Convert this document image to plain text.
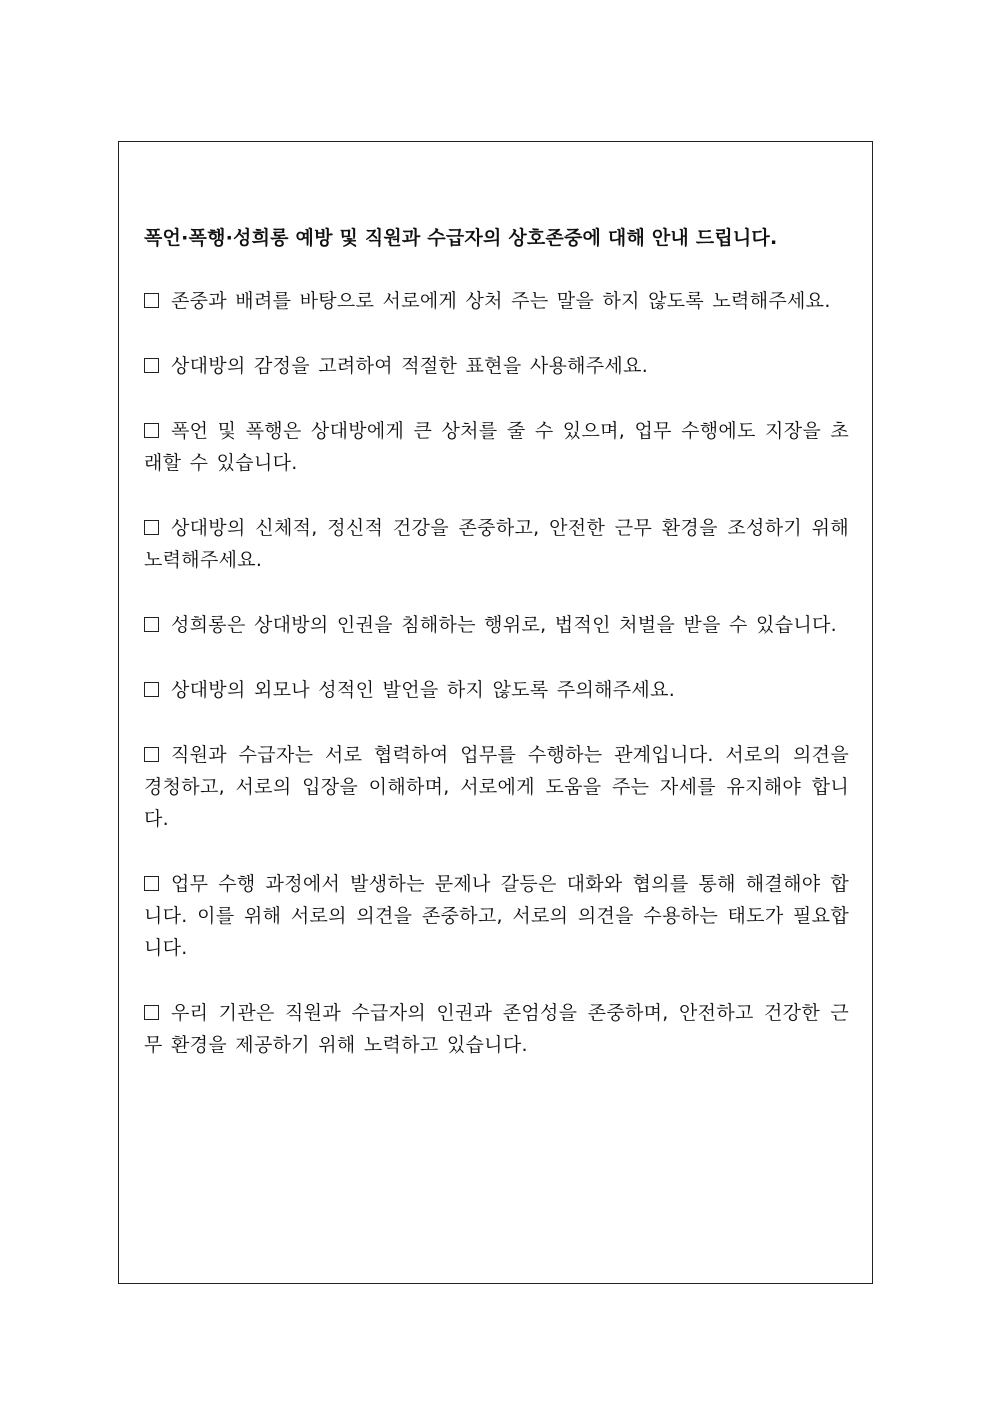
폭언·폭행·성희롱 예방 및 직원과 수급자의 상호존중에 대해 안내 드립니다.

존중과 배려를 바탕으로 서로에게 상처 주는 말을 하지 않도록 노력해주세요.

상대방의 감정을 고려하여 적절한 표현을 사용해주세요.

폭언 및 폭행은 상대방에게 큰 상처를 줄 수 있으며, 업무 수행에도 지장을 초래할 수 있습니다.

상대방의 신체적, 정신적 건강을 존중하고, 안전한 근무 환경을 조성하기 위해 노력해주세요.

성희롱은 상대방의 인권을 침해하는 행위로, 법적인 처벌을 받을 수 있습니다.

상대방의 외모나 성적인 발언을 하지 않도록 주의해주세요.

직원과 수급자는 서로 협력하여 업무를 수행하는 관계입니다. 서로의 의견을 경청하고, 서로의 입장을 이해하며, 서로에게 도움을 주는 자세를 유지해야 합니다.

업무 수행 과정에서 발생하는 문제나 갈등은 대화와 협의를 통해 해결해야 합니다. 이를 위해 서로의 의견을 존중하고, 서로의 의견을 수용하는 태도가 필요합니다.

우리 기관은 직원과 수급자의 인권과 존엄성을 존중하며, 안전하고 건강한 근무 환경을 제공하기 위해 노력하고 있습니다.
